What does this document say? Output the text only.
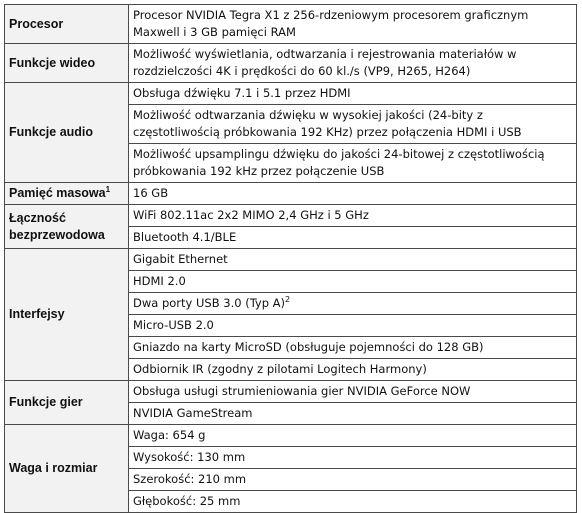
Procesor	Procesor NVIDIA Tegra X1 z 256-rdzeniowym procesorem graficznym Maxwell i 3 GB pamięci RAM
Funkcje wideo	Możliwość wyświetlania, odtwarzania i rejestrowania materiałów w rozdzielczości 4K i prędkości do 60 kl./s (VP9, H265, H264)
Funkcje audio	Obsługa dźwięku 7.1 i 5.1 przez HDMI
	Możliwość odtwarzania dźwięku w wysokiej jakości (24-bity z częstotliwością próbkowania 192 KHz) przez połączenia HDMI i USB
	Możliwość upsamplingu dźwięku do jakości 24-bitowej z częstotliwością próbkowania 192 kHz przez połączenie USB
Pamięć masowa$^1$	16 GB
Łączność bezprzewodowa	WiFi 802.11ac 2x2 MIMO 2,4 GHz i 5 GHz
	Bluetooth 4.1/BLE
Interfejsy	Gigabit Ethernet
	HDMI 2.0
	Dwa porty USB 3.0 (Typ A)$^2$
	Micro-USB 2.0
	Gniazdo na karty MicroSD (obsługuje pojemności do 128 GB)
	Odbiornik IR (zgodny z pilotami Logitech Harmony)
Funkcje gier	Obsługa usługi strumieniowania gier NVIDIA GeForce NOW
	NVIDIA GameStream
Waga i rozmiar	Waga: 654 g
	Wysokość: 130 mm
	Szerokość: 210 mm
	Głębokość: 25 mm
